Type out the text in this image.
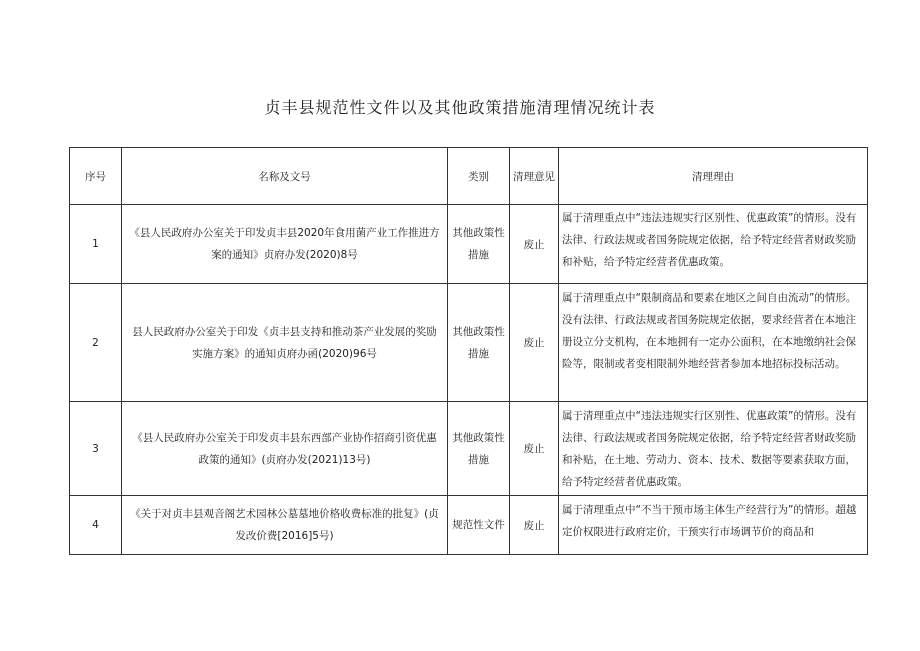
贞丰县规范性文件以及其他政策措施清理情况统计表
序号	名称及文号	类别	清理意见	清理理由
1	《县人民政府办公室关于印发贞丰县2020年食用菌产业工作推进方案的通知》贞府办发(2020)8号	其他政策性措施	废止	属于清理重点中“违法违规实行区别性、优惠政策”的情形。没有法律、行政法规或者国务院规定依据，给予特定经营者财政奖励和补贴，给予特定经营者优惠政策。
2	县人民政府办公室关于印发《贞丰县支持和推动茶产业发展的奖励实施方案》的通知贞府办函(2020)96号	其他政策性措施	废止	属于清理重点中“限制商品和要素在地区之间自由流动”的情形。没有法律、行政法规或者国务院规定依据，要求经营者在本地注册设立分支机构，在本地拥有一定办公面积，在本地缴纳社会保险等，限制或者变相限制外地经营者参加本地招标投标活动。
3	《县人民政府办公室关于印发贞丰县东西部产业协作招商引资优惠政策的通知》(贞府办发(2021)13号)	其他政策性措施	废止	属于清理重点中“违法违规实行区别性、优惠政策”的情形。没有法律、行政法规或者国务院规定依据，给予特定经营者财政奖励和补贴，在土地、劳动力、资本、技术、数据等要素获取方面，给予特定经营者优惠政策。
4	《关于对贞丰县观音阁艺术园林公墓墓地价格收费标准的批复》(贞发改价费[2016]5号)	规范性文件	废止	属于清理重点中“不当干预市场主体生产经营行为”的情形。超越定价权限进行政府定价，干预实行市场调节价的商品和
